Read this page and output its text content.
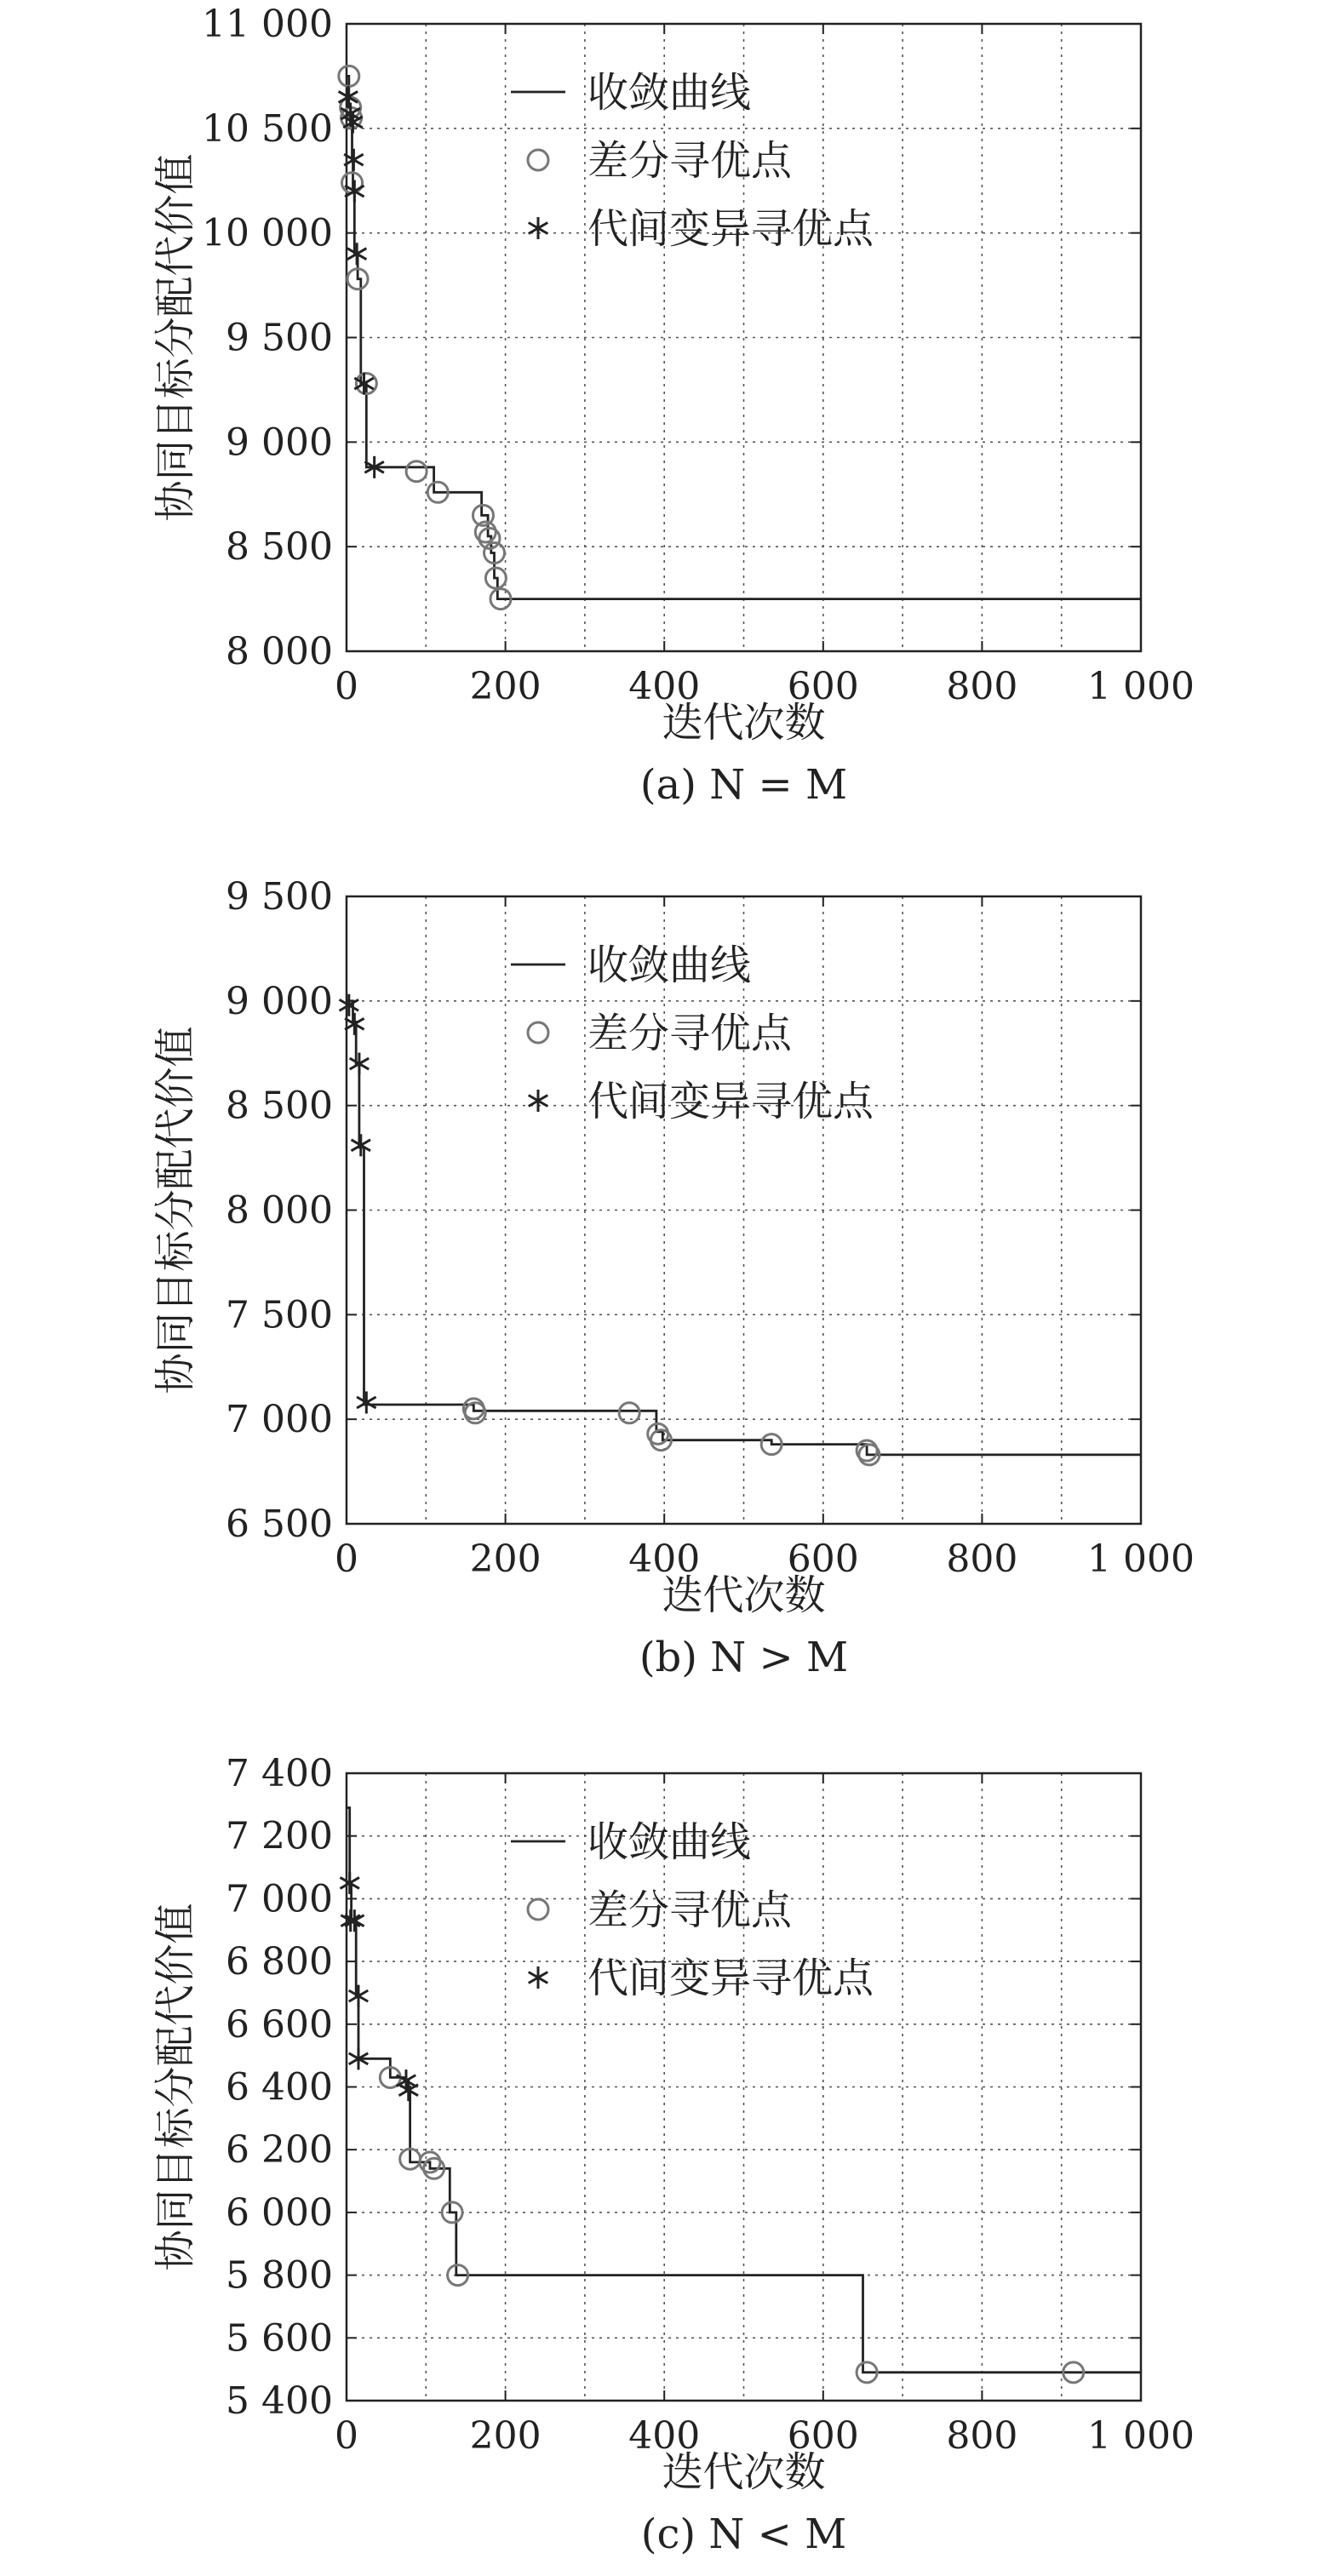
0	200 400 600 800 1 000
8 000
8 500
9 000
9 500
10 000
10 500
11 000
迭代次数
协同目标分配代价值
(a) N = M
收敛曲线
差分寻优点
代间变异寻优点
0	200 400 600 800 1 000
6 500
7 000
7 500
8 000
8 500
9 000
9 500
迭代次数
协同目标分配代价值
(b) N > M
收敛曲线
差分寻优点
代间变异寻优点
0	200 400 600 800 1 000
5 400
5 600
5 800
6 000
6 200
6 400
6 600
6 800
7 000
7 200
7 400
迭代次数
协同目标分配代价值
(c) N < M
收敛曲线
差分寻优点
代间变异寻优点
